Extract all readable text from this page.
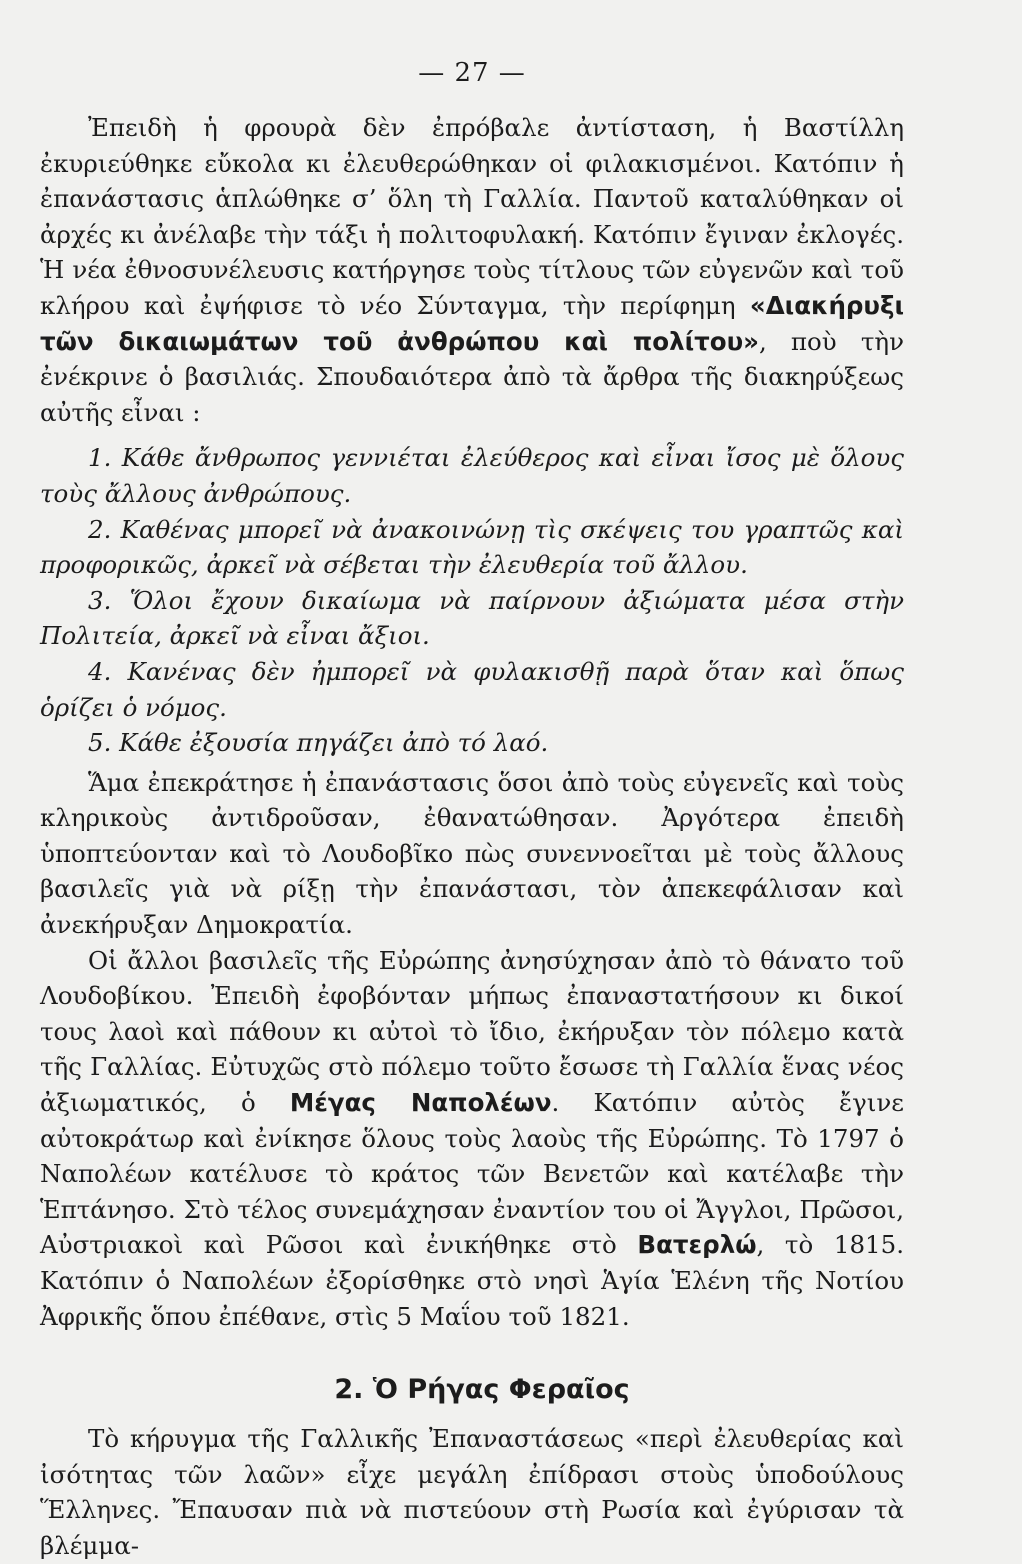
— 27 —

Ἐπειδὴ ἡ φρουρὰ δὲν ἐπρόβαλε ἀντίσταση, ἡ Βαστίλλη ἐκυριεύθηκε εὔκολα κι ἐλευθερώθηκαν οἱ φιλακισμένοι. Κατόπιν ἡ ἐπανάστασις ἁπλώθηκε σ’ ὅλη τὴ Γαλλία. Παντοῦ καταλύθηκαν οἱ ἀρχές κι ἀνέλαβε τὴν τάξι ἡ πολιτοφυλακή. Κατόπιν ἔγιναν ἐκλογές. Ἡ νέα ἐθνοσυνέλευσις κατήργησε τοὺς τίτλους τῶν εὐγενῶν καὶ τοῦ κλήρου καὶ ἐψήφισε τὸ νέο Σύνταγμα, τὴν περίφημη «Διακήρυξι τῶν δικαιωμάτων τοῦ ἀνθρώπου καὶ πολίτου», ποὺ τὴν ἐνέκρινε ὁ βασιλιάς. Σπουδαιότερα ἀπὸ τὰ ἄρθρα τῆς διακηρύξεως αὐτῆς εἶναι :

1. Κάθε ἄνθρωπος γεννιέται ἐλεύθερος καὶ εἶναι ἴσος μὲ ὅλους τοὺς ἄλλους ἀνθρώπους.

2. Καθένας μπορεῖ νὰ ἀνακοινώνῃ τὶς σκέψεις του γραπτῶς καὶ προφορικῶς, ἀρκεῖ νὰ σέβεται τὴν ἐλευθερία τοῦ ἄλλου.

3. Ὅλοι ἔχουν δικαίωμα νὰ παίρνουν ἀξιώματα μέσα στὴν Πολιτεία, ἀρκεῖ νὰ εἶναι ἄξιοι.

4. Κανένας δὲν ἠμπορεῖ νὰ φυλακισθῇ παρὰ ὅταν καὶ ὅπως ὁρίζει ὁ νόμος.

5. Κάθε ἐξουσία πηγάζει ἀπὸ τό λαό.

Ἅμα ἐπεκράτησε ἡ ἐπανάστασις ὅσοι ἀπὸ τοὺς εὐγενεῖς καὶ τοὺς κληρικοὺς ἀντιδροῦσαν, ἐθανατώθησαν. Ἀργότερα ἐπειδὴ ὑποπτεύονταν καὶ τὸ Λουδοβῖκο πὼς συνεννοεῖται μὲ τοὺς ἄλλους βασιλεῖς γιὰ νὰ ρίξῃ τὴν ἐπανάστασι, τὸν ἀπεκεφάλισαν καὶ ἀνεκήρυξαν Δημοκρατία.

Οἱ ἄλλοι βασιλεῖς τῆς Εὐρώπης ἀνησύχησαν ἀπὸ τὸ θάνατο τοῦ Λουδοβίκου. Ἐπειδὴ ἐφοβόνταν μήπως ἐπαναστατήσουν κι δικοί τους λαοὶ καὶ πάθουν κι αὐτοὶ τὸ ἴδιο, ἐκήρυξαν τὸν πόλεμο κατὰ τῆς Γαλλίας. Εὐτυχῶς στὸ πόλεμο τοῦτο ἔσωσε τὴ Γαλλία ἕνας νέος ἀξιωματικός, ὁ Μέγας Ναπολέων. Κατόπιν αὐτὸς ἔγινε αὐτοκράτωρ καὶ ἐνίκησε ὅλους τοὺς λαοὺς τῆς Εὐρώπης. Τὸ 1797 ὁ Ναπολέων κατέλυσε τὸ κράτος τῶν Βενετῶν καὶ κατέλαβε τὴν Ἑπτάνησο. Στὸ τέλος συνεμάχησαν ἐναντίον του οἱ Ἄγγλοι, Πρῶσοι, Αὐστριακοὶ καὶ Ρῶσοι καὶ ἐνικήθηκε στὸ Βατερλώ, τὸ 1815. Κατόπιν ὁ Ναπολέων ἐξορίσθηκε στὸ νησὶ Ἁγία Ἑλένη τῆς Νοτίου Ἀφρικῆς ὅπου ἐπέθανε, στὶς 5 Μαΐου τοῦ 1821.

2. Ὁ Ρήγας Φεραῖος

Τὸ κήρυγμα τῆς Γαλλικῆς Ἐπαναστάσεως «περὶ ἐλευθερίας καὶ ἰσότητας τῶν λαῶν» εἶχε μεγάλη ἐπίδρασι στοὺς ὑποδούλους Ἕλληνες. Ἔπαυσαν πιὰ νὰ πιστεύουν στὴ Ρωσία καὶ ἐγύρισαν τὰ βλέμμα-
